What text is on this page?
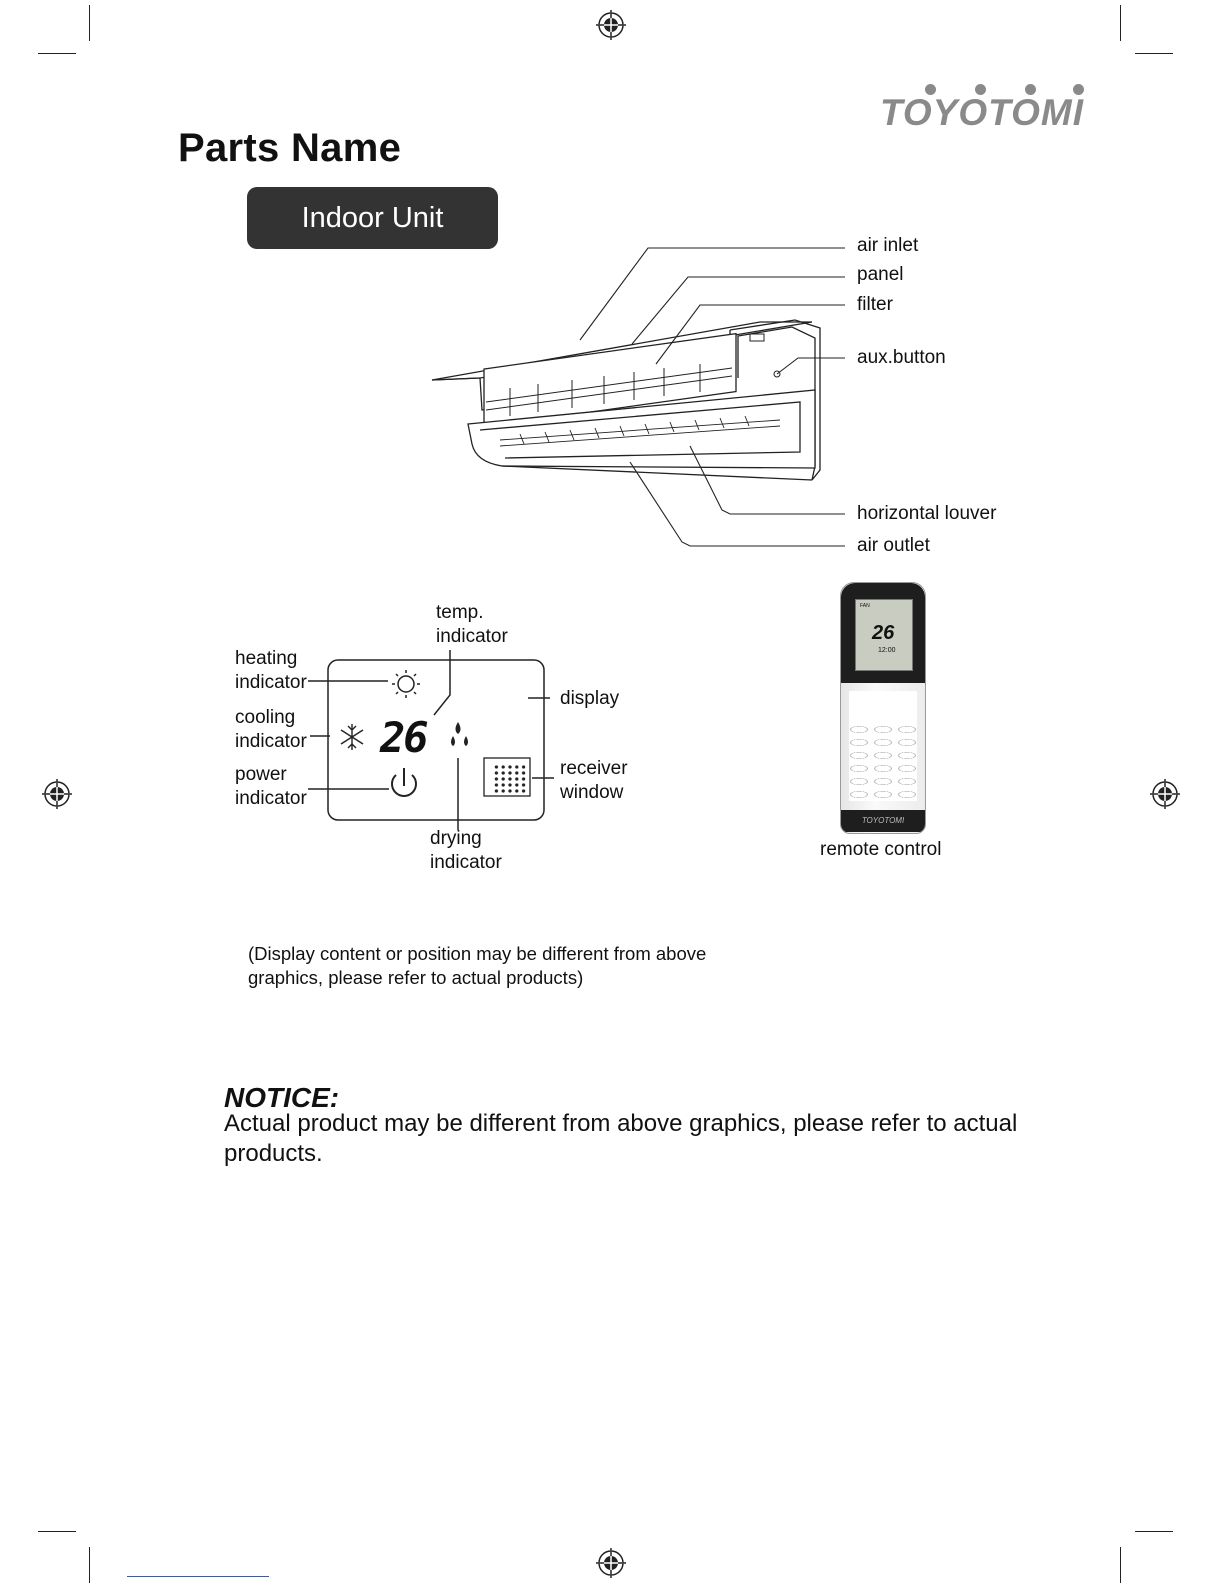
TOYOTOMI
Parts Name
Indoor Unit
air inlet
panel
filter
aux.button
horizontal louver
air outlet
26
temp.
indicator
heating
indicator
cooling
indicator
power
indicator
display
receiver
window
drying
indicator
FAN
26
12:00
TOYOTOMI
remote control
(Display content or position may be different from above
graphics, please refer to actual products)
NOTICE:
Actual product may be different from above graphics, please refer to actual products.
